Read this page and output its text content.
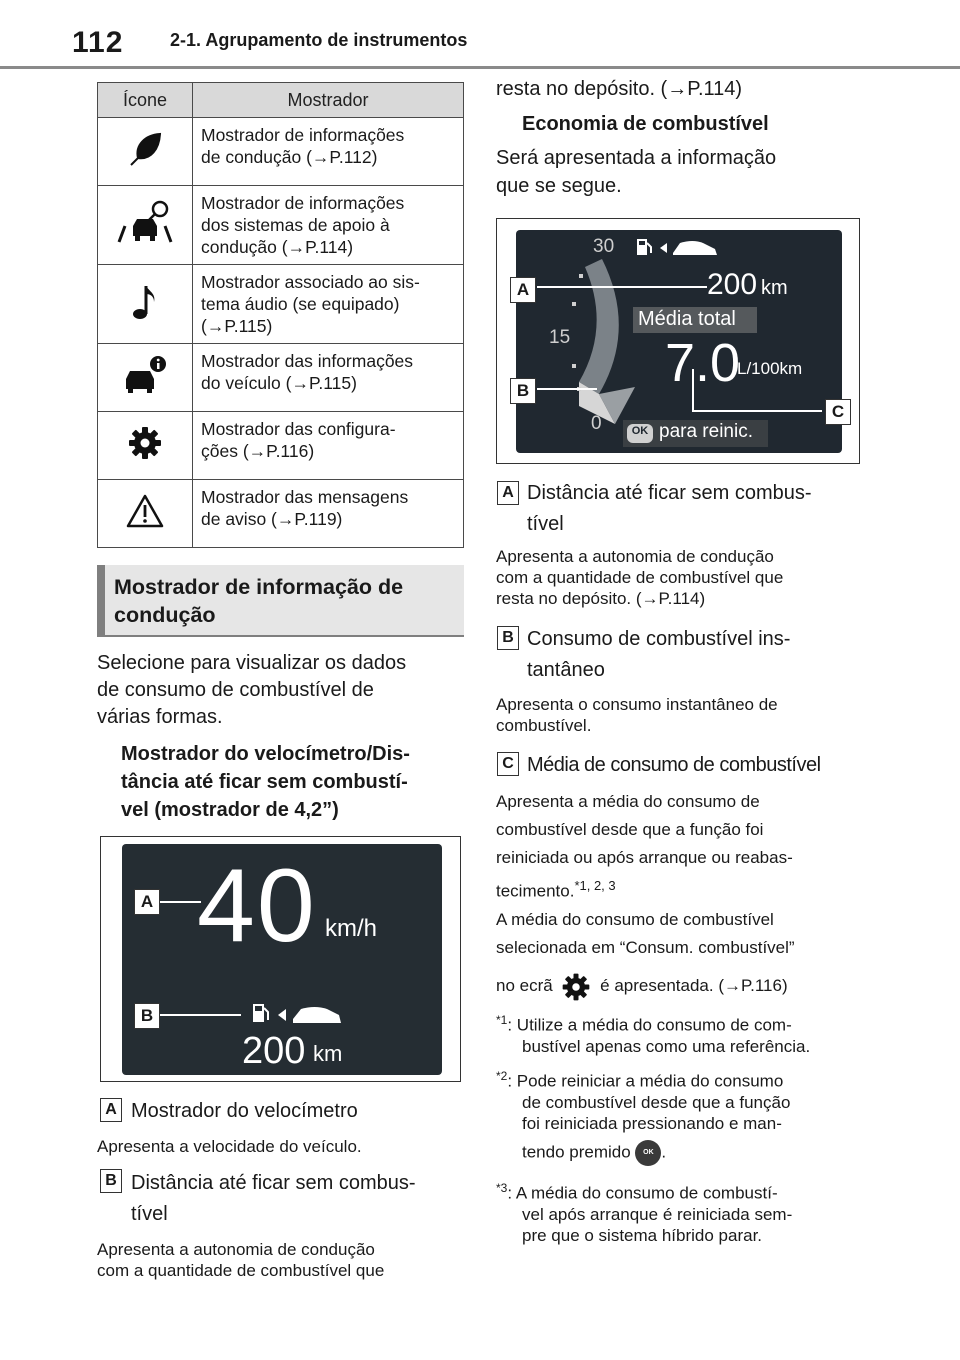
112	2-1. Agrupamento de instrumentos
Ícone	Mostrador

Mostrador de informações
de condução (→P.112)

Mostrador de informações
dos sistemas de apoio à
condução (→P.114)

Mostrador associado ao sis-
tema áudio (se equipado)
(→P.115)

Mostrador das informações
do veículo (→P.115)

Mostrador das configura-
ções (→P.116)

Mostrador das mensagens
de aviso (→P.119)
Mostrador de informação de
condução
Selecione para visualizar os dados
de consumo de combustível de
várias formas.
Mostrador do velocímetro/Dis-
tância até ficar sem combustí-
vel (mostrador de 4,2”)
40 km/h
200 km
A
B
A Mostrador do velocímetro
Apresenta a velocidade do veículo.
B Distância até ficar sem combus-
tível
Apresenta a autonomia de condução
com a quantidade de combustível que
resta no depósito. (→P.114)
Economia de combustível
Será apresentada a informação
que se segue.
30
15
0
200 km
Média total
7.0
L/100km
OK para reinic.
A
B
C
A Distância até ficar sem combus-
tível
Apresenta a autonomia de condução
com a quantidade de combustível que
resta no depósito. (→P.114)
B Consumo de combustível ins-
tantâneo
Apresenta o consumo instantâneo de
combustível.
C Média de consumo de combustível
Apresenta a média do consumo de
combustível desde que a função foi
reiniciada ou após arranque ou reabas-
tecimento.$^{*1, 2, 3}$
A média do consumo de combustível
selecionada em “Consum. combustível”
no ecrã	é apresentada. (→P.116)
$^{*1}$: Utilize a média do consumo de com-
bustível apenas como uma referência.
$^{*2}$: Pode reiniciar a média do consumo
de combustível desde que a função
foi reiniciada pressionando e man-
tendo premido OK .
$^{*3}$: A média do consumo de combustí-
vel após arranque é reiniciada sem-
pre que o sistema híbrido parar.
